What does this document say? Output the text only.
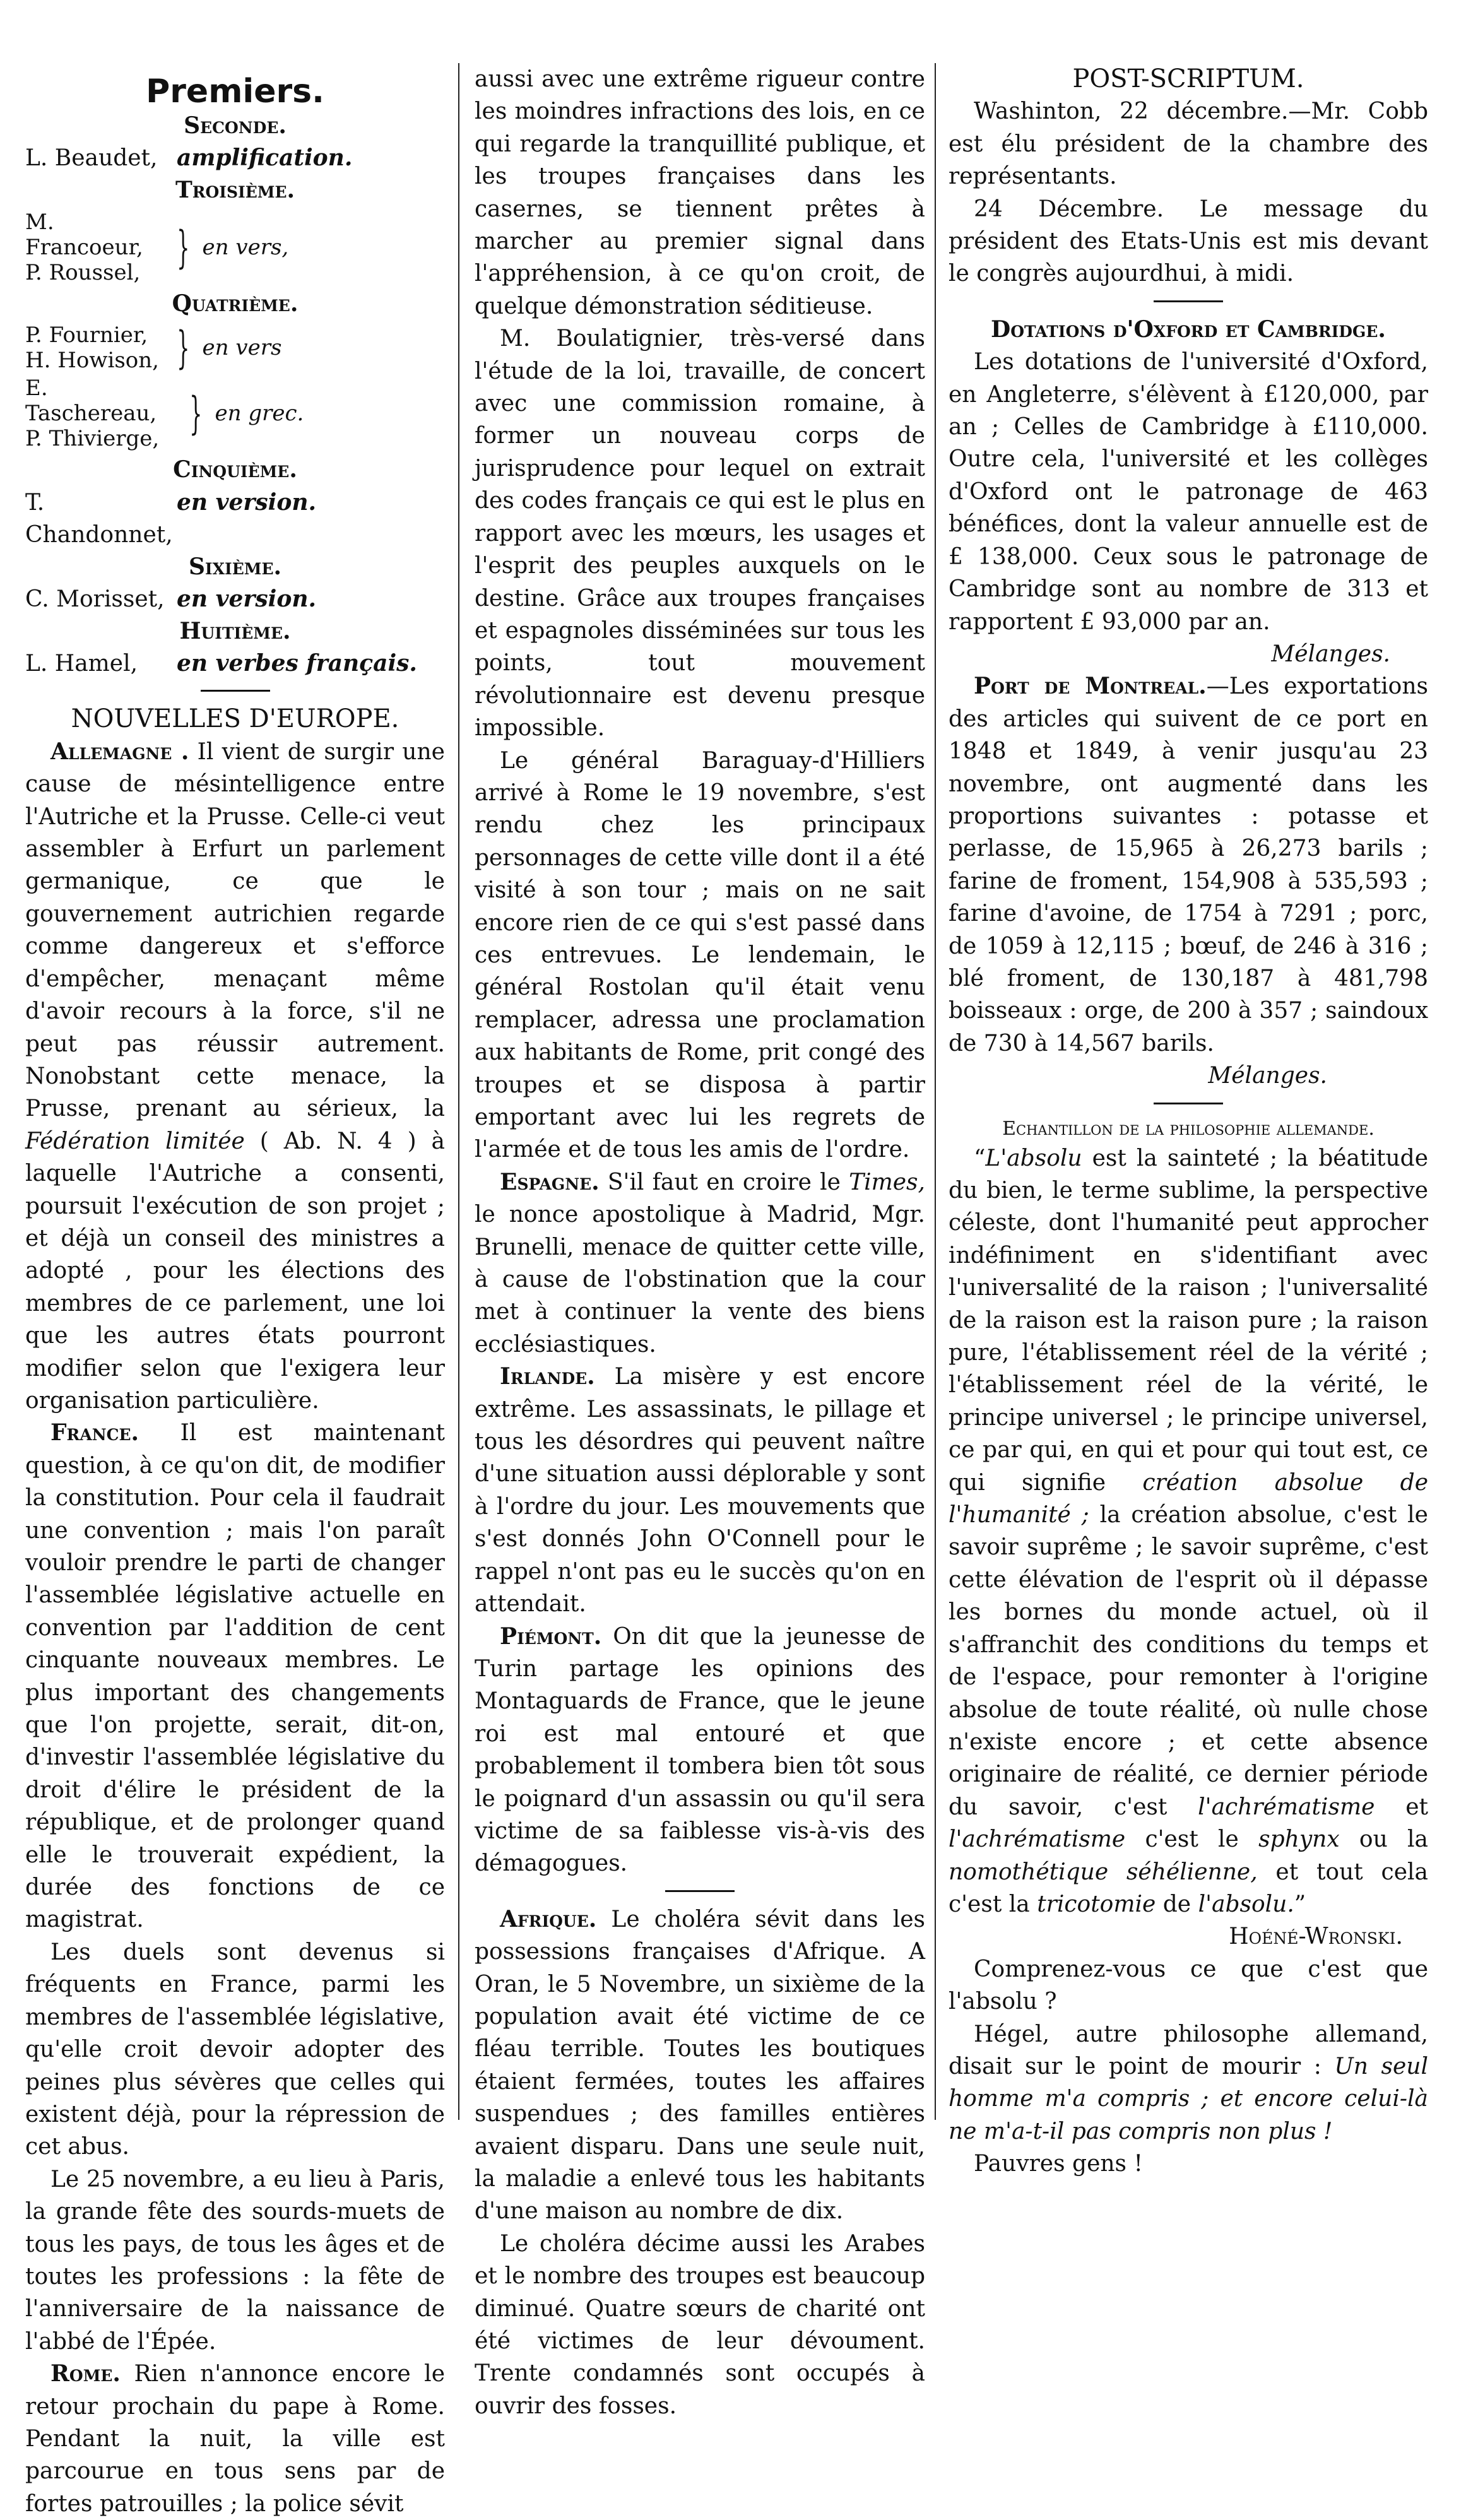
Premiers.
Seconde.
L. Beaudet, amplification.
Troisième.
M. Francoeur,
P. Roussel, } en vers,
Quatrième.
P. Fournier,
H. Howison, } en vers
E. Taschereau,
P. Thivierge, } en grec.
Cinquième.
T. Chandonnet,
en version.
Sixième.
C. Morisset, en version.
Huitième.
L. Hamel,	en verbes français.
NOUVELLES D'EUROPE.

Allemagne . Il vient de surgir une cause de mésintelligence entre l'Autriche et la Prusse. Celle-ci veut assembler à Erfurt un parlement germanique, ce que le gouvernement autrichien regarde comme dangereux et s'efforce d'empêcher, menaçant même d'avoir recours à la force, s'il ne peut pas réussir autrement. Nonobstant cette menace, la Prusse, prenant au sérieux, la Fédération limitée ( Ab. N. 4 ) à laquelle l'Autriche a consenti, poursuit l'exécution de son projet ; et déjà un conseil des ministres a adopté , pour les élections des membres de ce parlement, une loi que les autres états pourront modifier selon que l'exigera leur organisation particulière.

France. Il est maintenant question, à ce qu'on dit, de modifier la constitution. Pour cela il faudrait une convention ; mais l'on paraît vouloir prendre le parti de changer l'assemblée législative actuelle en convention par l'addition de cent cinquante nouveaux membres. Le plus important des changements que l'on projette, serait, dit-on, d'investir l'assemblée législative du droit d'élire le président de la république, et de prolonger quand elle le trouverait expédient, la durée des fonctions de ce magistrat.

Les duels sont devenus si fréquents en France, parmi les membres de l'assemblée législative, qu'elle croit devoir adopter des peines plus sévères que celles qui existent déjà, pour la répression de cet abus.

Le 25 novembre, a eu lieu à Paris, la grande fête des sourds-muets de tous les pays, de tous les âges et de toutes les professions : la fête de l'anniversaire de la naissance de l'abbé de l'Épée.

Rome. Rien n'annonce encore le retour prochain du pape à Rome. Pendant la nuit, la ville est parcourue en tous sens par de fortes patrouilles ; la police sévit

aussi avec une extrême rigueur contre les moindres infractions des lois, en ce qui regarde la tranquillité publique, et les troupes françaises dans les casernes, se tiennent prêtes à marcher au premier signal dans l'appréhension, à ce qu'on croit, de quelque démonstration séditieuse.

M. Boulatignier, très-versé dans l'étude de la loi, travaille, de concert avec une commission romaine, à former un nouveau corps de jurisprudence pour lequel on extrait des codes français ce qui est le plus en rapport avec les mœurs, les usages et l'esprit des peuples auxquels on le destine. Grâce aux troupes françaises et espagnoles disséminées sur tous les points, tout mouvement révolutionnaire est devenu presque impossible.

Le général Baraguay-d'Hilliers arrivé à Rome le 19 novembre, s'est rendu chez les principaux personnages de cette ville dont il a été visité à son tour ; mais on ne sait encore rien de ce qui s'est passé dans ces entrevues. Le lendemain, le général Rostolan qu'il était venu remplacer, adressa une proclamation aux habitants de Rome, prit congé des troupes et se disposa à partir emportant avec lui les regrets de l'armée et de tous les amis de l'ordre.

Espagne. S'il faut en croire le Times, le nonce apostolique à Madrid, Mgr. Brunelli, menace de quitter cette ville, à cause de l'obstination que la cour met à continuer la vente des biens ecclésiastiques.

Irlande. La misère y est encore extrême. Les assassinats, le pillage et tous les désordres qui peuvent naître d'une situation aussi déplorable y sont à l'ordre du jour. Les mouvements que s'est donnés John O'Connell pour le rappel n'ont pas eu le succès qu'on en attendait.

Piémont. On dit que la jeunesse de Turin partage les opinions des Montaguards de France, que le jeune roi est mal entouré et que probablement il tombera bien tôt sous le poignard d'un assassin ou qu'il sera victime de sa faiblesse vis-à-vis des démagogues.

Afrique. Le choléra sévit dans les possessions françaises d'Afrique. A Oran, le 5 Novembre, un sixième de la population avait été victime de ce fléau terrible. Toutes les boutiques étaient fermées, toutes les affaires suspendues ; des familles entières avaient disparu. Dans une seule nuit, la maladie a enlevé tous les habitants d'une maison au nombre de dix.

Le choléra décime aussi les Arabes et le nombre des troupes est beaucoup diminué. Quatre sœurs de charité ont été victimes de leur dévoument. Trente condamnés sont occupés à ouvrir des fosses.

POST-SCRIPTUM.

Washinton, 22 décembre.—Mr. Cobb est élu président de la chambre des représentants.

24 Décembre. Le message du président des Etats-Unis est mis devant le congrès aujourdhui, à midi.

Dotations d'Oxford et Cambridge.

Les dotations de l'université d'Oxford, en Angleterre, s'élèvent à £120,000, par an ; Celles de Cambridge à £110,000. Outre cela, l'université et les collèges d'Oxford ont le patronage de 463 bénéfices, dont la valeur annuelle est de £ 138,000. Ceux sous le patronage de Cambridge sont au nombre de 313 et rapportent £ 93,000 par an.

Mélanges.

Port de Montreal.—Les exportations des articles qui suivent de ce port en 1848 et 1849, à venir jusqu'au 23 novembre, ont augmenté dans les proportions suivantes : potasse et perlasse, de 15,965 à 26,273 barils ; farine de froment, 154,908 à 535,593 ; farine d'avoine, de 1754 à 7291 ; porc, de 1059 à 12,115 ; bœuf, de 246 à 316 ; blé froment, de 130,187 à 481,798 boisseaux : orge, de 200 à 357 ; saindoux de 730 à 14,567 barils.

Mélanges.
Echantillon de la philosophie allemande.

“L'absolu est la sainteté ; la béatitude du bien, le terme sublime, la perspective céleste, dont l'humanité peut approcher indéfiniment en s'identifiant avec l'universalité de la raison ; l'universalité de la raison est la raison pure ; la raison pure, l'établissement réel de la vérité ; l'établissement réel de la vérité, le principe universel ; le principe universel, ce par qui, en qui et pour qui tout est, ce qui signifie création absolue de l'humanité ; la création absolue, c'est le savoir suprême ; le savoir suprême, c'est cette élévation de l'esprit où il dépasse les bornes du monde actuel, où il s'affranchit des conditions du temps et de l'espace, pour remonter à l'origine absolue de toute réalité, où nulle chose n'existe encore ; et cette absence originaire de réalité, ce dernier période du savoir, c'est l'achrématisme et l'achrématisme c'est le sphynx ou la nomothétique séhélienne, et tout cela c'est la tricotomie de l'absolu.”

Hoéné-Wronski.

Comprenez-vous ce que c'est que l'absolu ?

Hégel, autre philosophe allemand, disait sur le point de mourir : Un seul homme m'a compris ; et encore celui-là ne m'a-t-il pas compris non plus !

Pauvres gens !
